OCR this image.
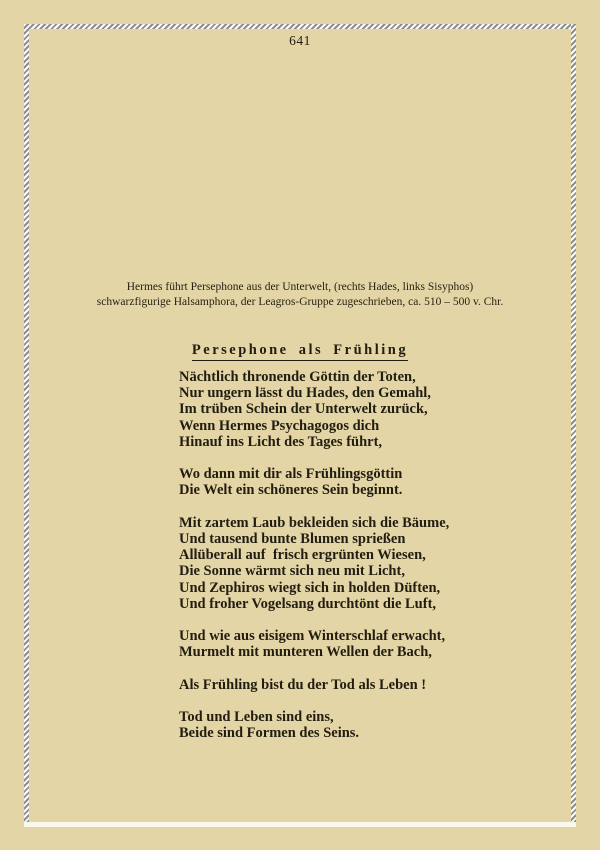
641
Hermes führt Persephone aus der Unterwelt, (rechts Hades, links Sisyphos)
schwarzfigurige Halsamphora, der Leagros-Gruppe zugeschrieben, ca. 510 – 500 v. Chr.
Persephone als Frühling
Nächtlich thronende Göttin der Toten,
Nur ungern lässt du Hades, den Gemahl,
Im trüben Schein der Unterwelt zurück,
Wenn Hermes Psychagogos dich
Hinauf ins Licht des Tages führt,
Wo dann mit dir als Frühlingsgöttin
Die Welt ein schöneres Sein beginnt.
Mit zartem Laub bekleiden sich die Bäume,
Und tausend bunte Blumen sprießen
Allüberall auf  frisch ergrünten Wiesen,
Die Sonne wärmt sich neu mit Licht,
Und Zephiros wiegt sich in holden Düften,
Und froher Vogelsang durchtönt die Luft,
Und wie aus eisigem Winterschlaf erwacht,
Murmelt mit munteren Wellen der Bach,
Als Frühling bist du der Tod als Leben !
Tod und Leben sind eins,
Beide sind Formen des Seins.
